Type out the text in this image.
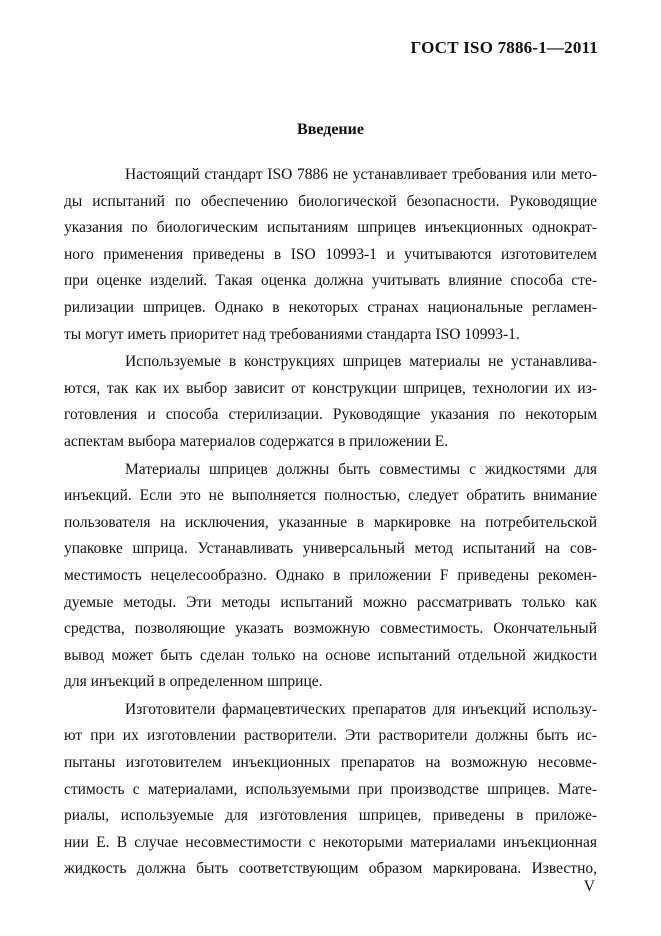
ГОСТ ISO 7886-1—2011
Введение
Настоящий стандарт ISO 7886 не устанавливает требования или мето-
ды испытаний по обеспечению биологической безопасности. Руководящие
указания по биологическим испытаниям шприцев инъекционных однократ-
ного применения приведены в ISO 10993-1 и учитываются изготовителем
при оценке изделий. Такая оценка должна учитывать влияние способа сте-
рилизации шприцев. Однако в некоторых странах национальные регламен-
ты могут иметь приоритет над требованиями стандарта ISO 10993-1.
Используемые в конструкциях шприцев материалы не устанавлива-
ются, так как их выбор зависит от конструкции шприцев, технологии их из-
готовления и способа стерилизации. Руководящие указания по некоторым
аспектам выбора материалов содержатся в приложении Е.
Материалы шприцев должны быть совместимы с жидкостями для
инъекций. Если это не выполняется полностью, следует обратить внимание
пользователя на исключения, указанные в маркировке на потребительской
упаковке шприца. Устанавливать универсальный метод испытаний на сов-
местимость нецелесообразно. Однако в приложении F приведены рекомен-
дуемые методы. Эти методы испытаний можно рассматривать только как
средства, позволяющие указать возможную совместимость. Окончательный
вывод может быть сделан только на основе испытаний отдельной жидкости
для инъекций в определенном шприце.
Изготовители фармацевтических препаратов для инъекций использу-
ют при их изготовлении растворители. Эти растворители должны быть ис-
пытаны изготовителем инъекционных препаратов на возможную несовме-
стимость с материалами, используемыми при производстве шприцев. Мате-
риалы, используемые для изготовления шприцев, приведены в приложе-
нии Е. В случае несовместимости с некоторыми материалами инъекционная
жидкость должна быть соответствующим образом маркирована. Известно,
V
